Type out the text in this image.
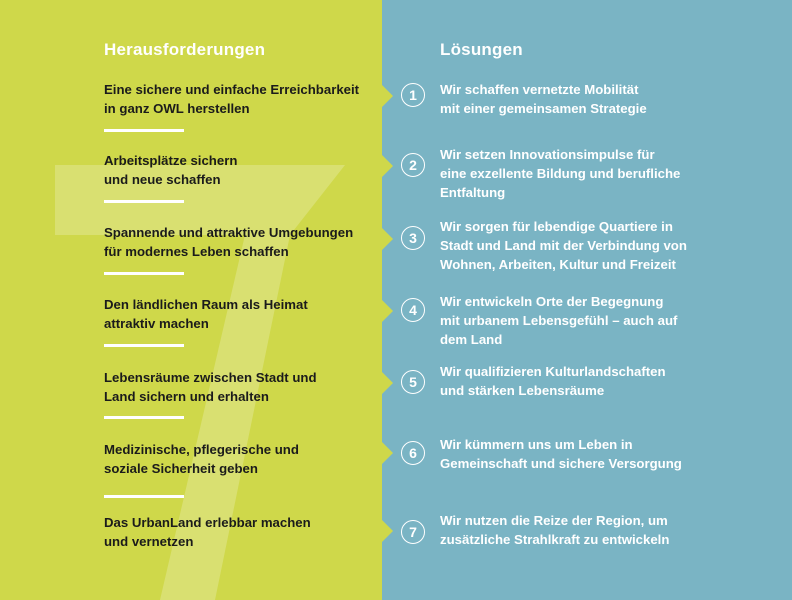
Herausforderungen	Lösungen
Eine sichere und einfache Erreichbarkeit
in ganz OWL herstellen
1	Wir schaffen vernetzte Mobilität
mit einer gemeinsamen Strategie
Arbeitsplätze sichern
und neue schaffen
2
Wir setzen Innovationsimpulse für
eine exzellente Bildung und berufliche
Entfaltung
Spannende und attraktive Umgebungen
für modernes Leben schaffen
3
Wir sorgen für lebendige Quartiere in
Stadt und Land mit der Verbindung von
Wohnen, Arbeiten, Kultur und Freizeit
Den ländlichen Raum als Heimat
attraktiv machen
4
Wir entwickeln Orte der Begegnung
mit urbanem Lebensgefühl – auch auf
dem Land
Lebensräume zwischen Stadt und
Land sichern und erhalten
5
Wir qualifizieren Kulturlandschaften
und stärken Lebensräume
Medizinische, pflegerische und
soziale Sicherheit geben
6
Wir kümmern uns um Leben in
Gemeinschaft und sichere Versorgung
Das UrbanLand erlebbar machen
und vernetzen
7
Wir nutzen die Reize der Region, um
zusätzliche Strahlkraft zu entwickeln
